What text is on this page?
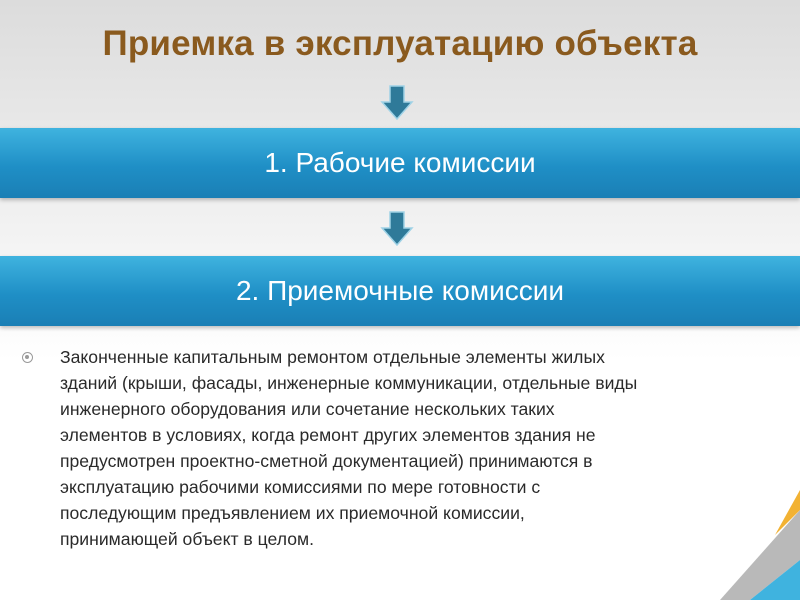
Приемка в эксплуатацию объекта
1. Рабочие комиссии
2. Приемочные комиссии
Законченные капитальным ремонтом отдельные элементы жилых
зданий (крыши, фасады, инженерные коммуникации, отдельные виды
инженерного оборудования или сочетание нескольких таких
элементов в условиях, когда ремонт других элементов здания не
предусмотрен проектно-сметной документацией) принимаются в
эксплуатацию рабочими комиссиями по мере готовности с
последующим предъявлением их приемочной комиссии,
принимающей объект в целом.
